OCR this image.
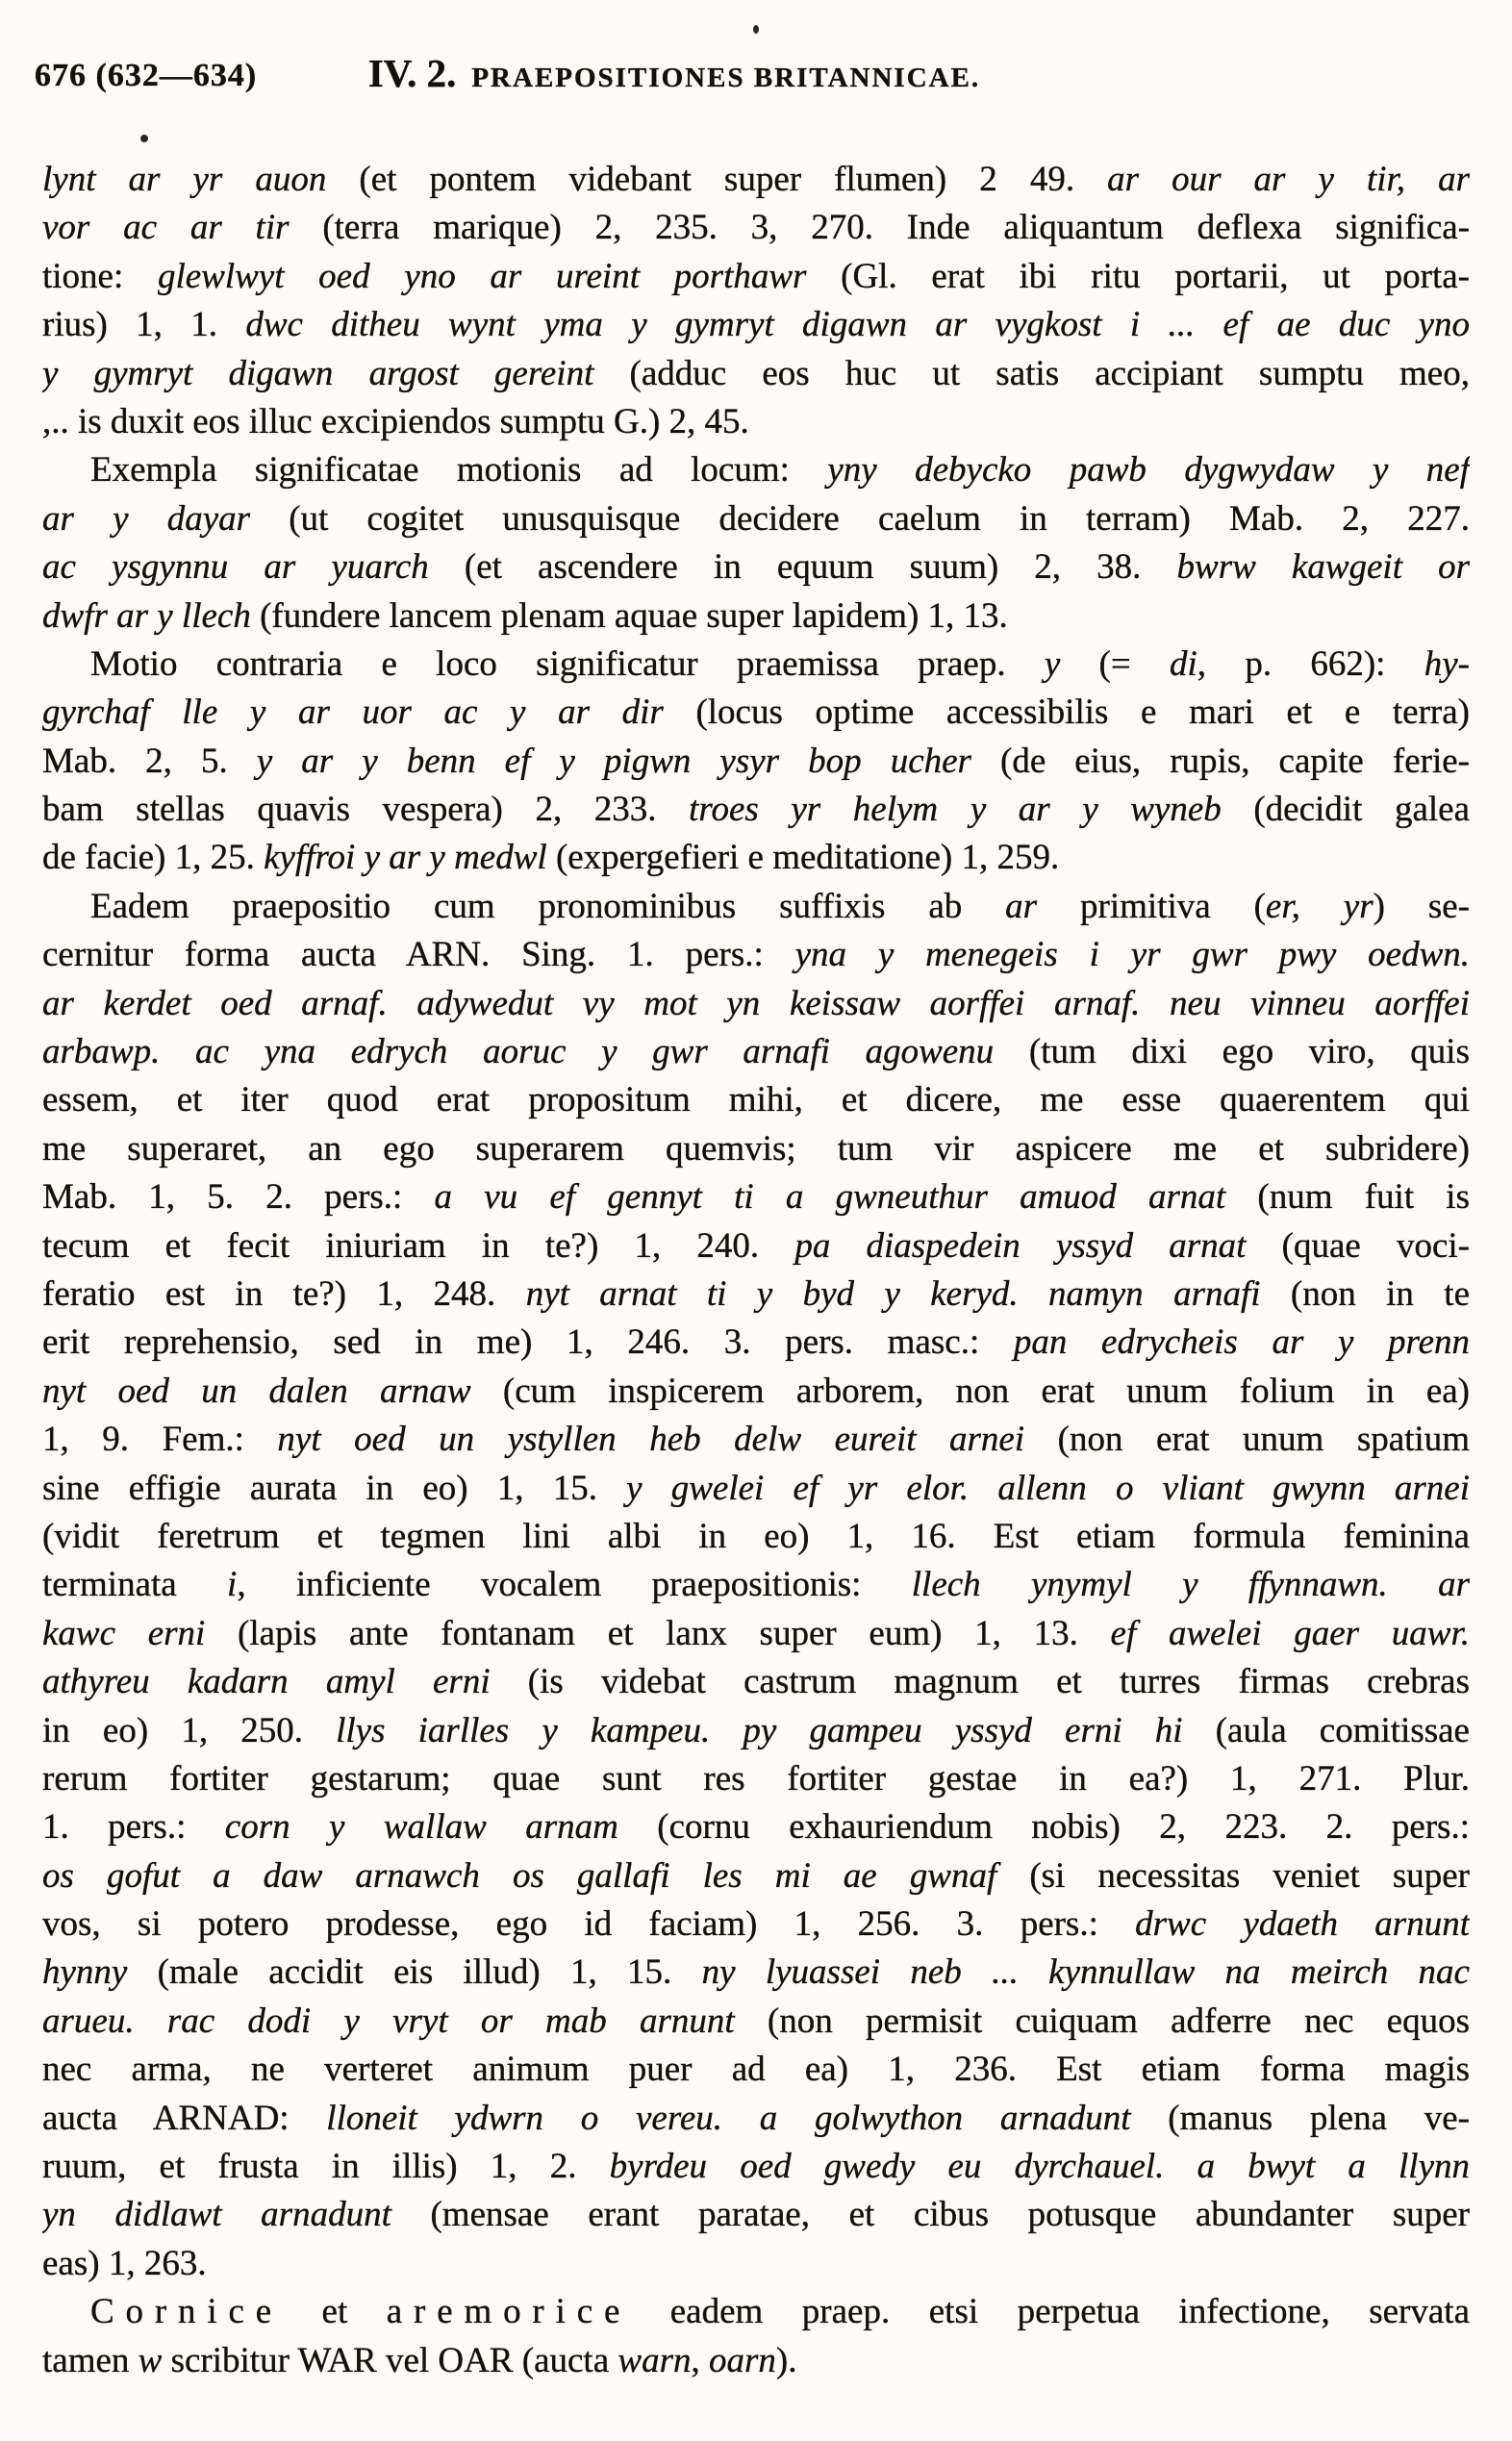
676 (632—634)	IV. 2. PRAEPOSITIONES BRITANNICAE.
lynt ar yr auon (et pontem videbant super flumen) 2 49. ar our ar y tir, ar
vor ac ar tir (terra marique) 2, 235. 3, 270. Inde aliquantum deflexa significa-
tione: glewlwyt oed yno ar ureint porthawr (Gl. erat ibi ritu portarii, ut porta-
rius) 1, 1. dwc ditheu wynt yma y gymryt digawn ar vygkost i ... ef ae duc yno
y gymryt digawn argost gereint (adduc eos huc ut satis accipiant sumptu meo,
,.. is duxit eos illuc excipiendos sumptu G.) 2, 45.
Exempla significatae motionis ad locum: yny debycko pawb dygwydaw y nef
ar y dayar (ut cogitet unusquisque decidere caelum in terram) Mab. 2, 227.
ac ysgynnu ar yuarch (et ascendere in equum suum) 2, 38. bwrw kawgeit or
dwfr ar y llech (fundere lancem plenam aquae super lapidem) 1, 13.
Motio contraria e loco significatur praemissa praep. y (= di, p. 662): hy-
gyrchaf lle y ar uor ac y ar dir (locus optime accessibilis e mari et e terra)
Mab. 2, 5. y ar y benn ef y pigwn ysyr bop ucher (de eius, rupis, capite ferie-
bam stellas quavis vespera) 2, 233. troes yr helym y ar y wyneb (decidit galea
de facie) 1, 25. kyffroi y ar y medwl (expergefieri e meditatione) 1, 259.
Eadem praepositio cum pronominibus suffixis ab ar primitiva (er, yr) se-
cernitur forma aucta ARN. Sing. 1. pers.: yna y menegeis i yr gwr pwy oedwn.
ar kerdet oed arnaf. adywedut vy mot yn keissaw aorffei arnaf. neu vinneu aorffei
arbawp. ac yna edrych aoruc y gwr arnafi agowenu (tum dixi ego viro, quis
essem, et iter quod erat propositum mihi, et dicere, me esse quaerentem qui
me superaret, an ego superarem quemvis; tum vir aspicere me et subridere)
Mab. 1, 5. 2. pers.: a vu ef gennyt ti a gwneuthur amuod arnat (num fuit is
tecum et fecit iniuriam in te?) 1, 240. pa diaspedein yssyd arnat (quae voci-
feratio est in te?) 1, 248. nyt arnat ti y byd y keryd. namyn arnafi (non in te
erit reprehensio, sed in me) 1, 246. 3. pers. masc.: pan edrycheis ar y prenn
nyt oed un dalen arnaw (cum inspicerem arborem, non erat unum folium in ea)
1, 9. Fem.: nyt oed un ystyllen heb delw eureit arnei (non erat unum spatium
sine effigie aurata in eo) 1, 15. y gwelei ef yr elor. allenn o vliant gwynn arnei
(vidit feretrum et tegmen lini albi in eo) 1, 16. Est etiam formula feminina
terminata i, inficiente vocalem praepositionis: llech ynymyl y ffynnawn. ar
kawc erni (lapis ante fontanam et lanx super eum) 1, 13. ef awelei gaer uawr.
athyreu kadarn amyl erni (is videbat castrum magnum et turres firmas crebras
in eo) 1, 250. llys iarlles y kampeu. py gampeu yssyd erni hi (aula comitissae
rerum fortiter gestarum; quae sunt res fortiter gestae in ea?) 1, 271. Plur.
1. pers.: corn y wallaw arnam (cornu exhauriendum nobis) 2, 223. 2. pers.:
os gofut a daw arnawch os gallafi les mi ae gwnaf (si necessitas veniet super
vos, si potero prodesse, ego id faciam) 1, 256. 3. pers.: drwc ydaeth arnunt
hynny (male accidit eis illud) 1, 15. ny lyuassei neb ... kynnullaw na meirch nac
arueu. rac dodi y vryt or mab arnunt (non permisit cuiquam adferre nec equos
nec arma, ne verteret animum puer ad ea) 1, 236. Est etiam forma magis
aucta ARNAD: lloneit ydwrn o vereu. a golwython arnadunt (manus plena ve-
ruum, et frusta in illis) 1, 2. byrdeu oed gwedy eu dyrchauel. a bwyt a llynn
yn didlawt arnadunt (mensae erant paratae, et cibus potusque abundanter super
eas) 1, 263.
Cornice et aremorice eadem praep. etsi perpetua infectione, servata
tamen w scribitur WAR vel OAR (aucta warn, oarn).
